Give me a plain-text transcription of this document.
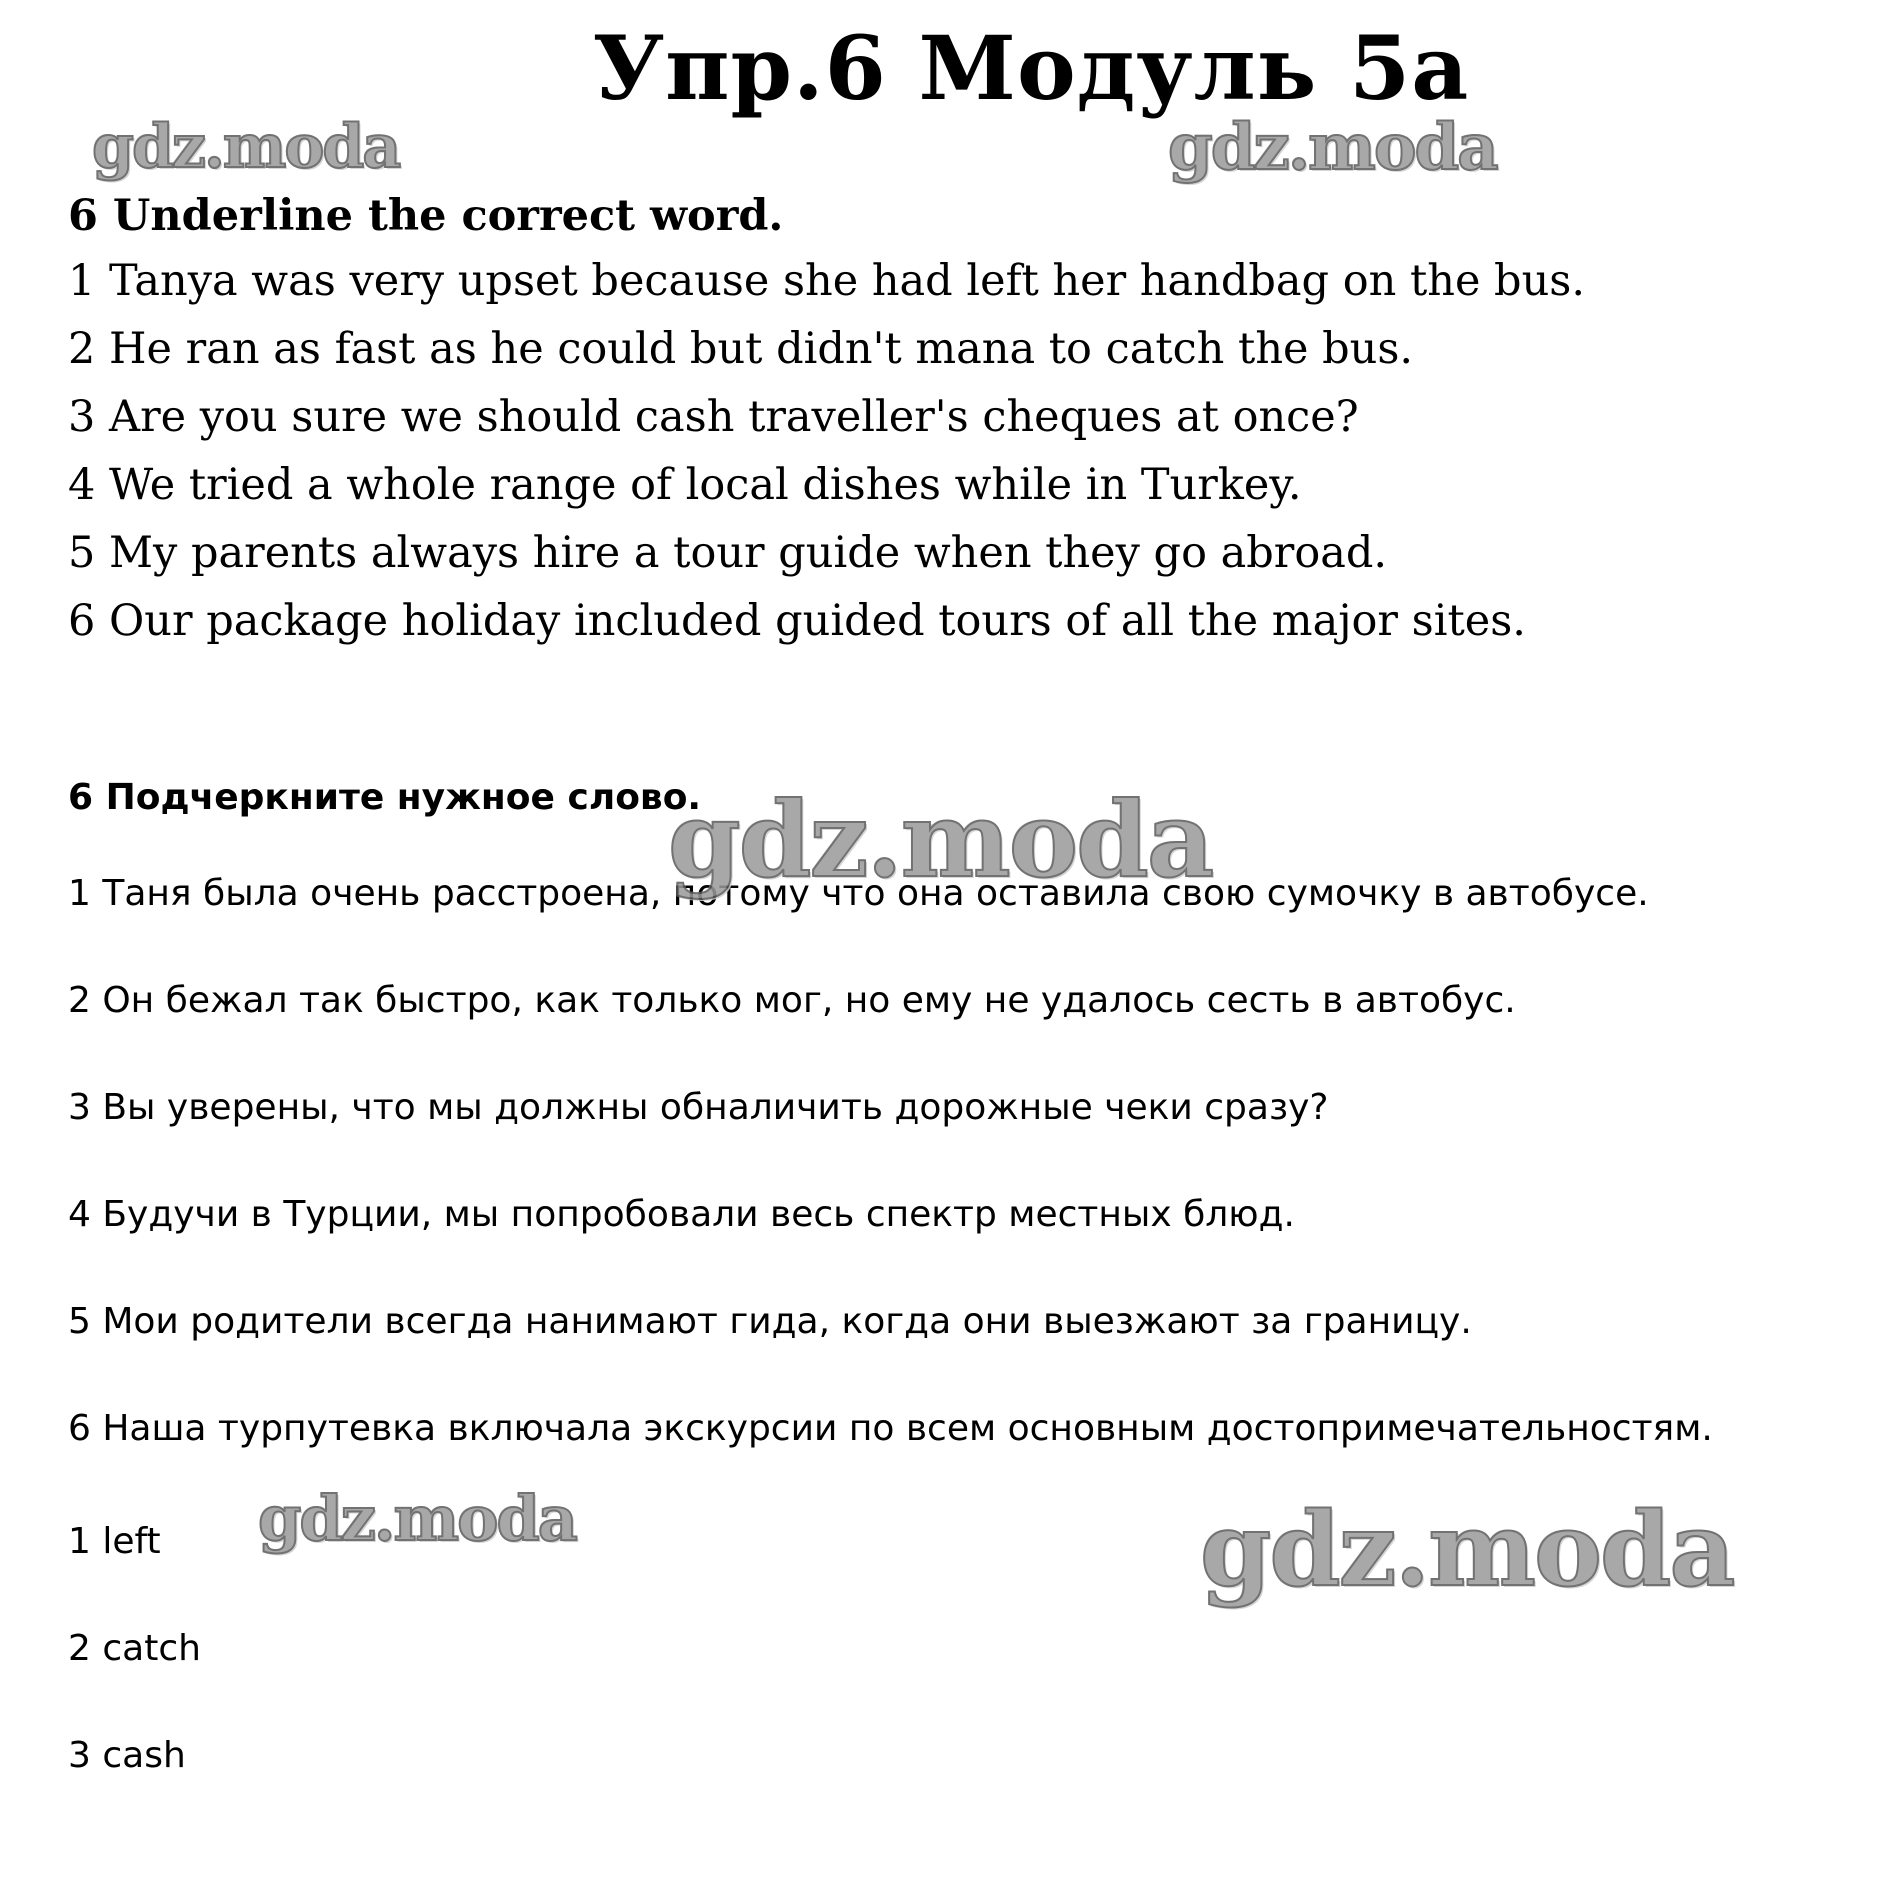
Упр.6 Модуль 5а
gdz.moda	gdz.moda

6 Underline the correct word.

1 Tanya was very upset because she had left her handbag on the bus.

2 He ran as fast as he could but didn't mana to catch the bus.

3 Are you sure we should cash traveller's cheques at once?

4 We tried a whole range of local dishes while in Turkey.

5 My parents always hire a tour guide when they go abroad.

6 Our package holiday included guided tours of all the major sites.

6 Подчеркните нужное слово.

1 Таня была очень расстроена, потому что она оставила свою сумочку в автобусе.

2 Он бежал так быстро, как только мог, но ему не удалось сесть в автобус.

3 Вы уверены, что мы должны обналичить дорожные чеки сразу?

4 Будучи в Турции, мы попробовали весь спектр местных блюд.

5 Мои родители всегда нанимают гида, когда они выезжают за границу.

6 Наша турпутевка включала экскурсии по всем основным достопримечательностям.

gdz.moda

1 left

2 catch

3 cash

gdz.moda	gdz.moda
